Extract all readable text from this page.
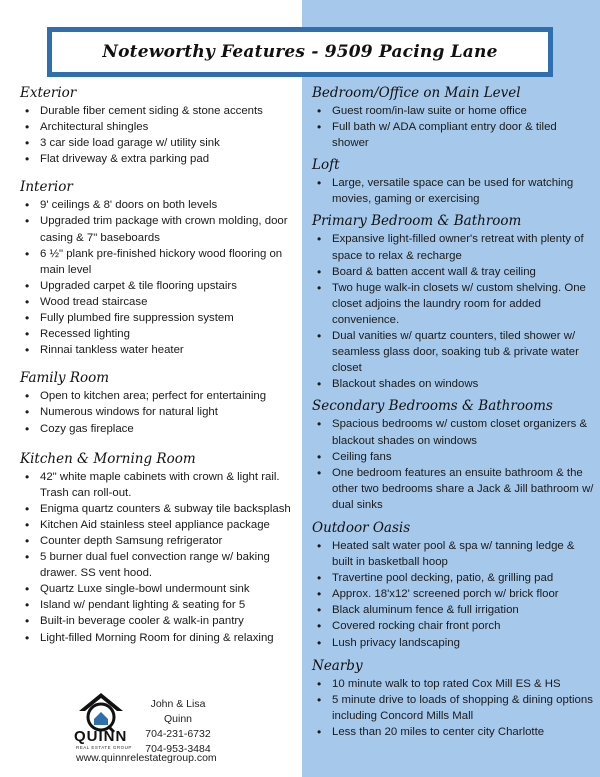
Noteworthy Features - 9509 Pacing Lane
Exterior
• Durable fiber cement siding & stone accents
• Architectural shingles
• 3 car side load garage w/ utility sink
• Flat driveway & extra parking pad
Interior
• 9' ceilings & 8' doors on both levels
• Upgraded trim package with crown molding, door casing & 7" baseboards
• 6 ½" plank pre-finished hickory wood flooring on main level
• Upgraded carpet & tile flooring upstairs
• Wood tread staircase
• Fully plumbed fire suppression system
• Recessed lighting
• Rinnai tankless water heater
Family Room
• Open to kitchen area; perfect for entertaining
• Numerous windows for natural light
• Cozy gas fireplace
Kitchen & Morning Room
• 42" white maple cabinets with crown & light rail. Trash can roll-out.
• Enigma quartz counters & subway tile backsplash
• Kitchen Aid stainless steel appliance package
• Counter depth Samsung refrigerator
• 5 burner dual fuel convection range w/ baking drawer. SS vent hood.
• Quartz Luxe single-bowl undermount sink
• Island w/ pendant lighting & seating for 5
• Built-in beverage cooler & walk-in pantry
• Light-filled Morning Room for dining & relaxing
Bedroom/Office on Main Level
• Guest room/in-law suite or home office
• Full bath w/ ADA compliant entry door & tiled shower
Loft
• Large, versatile space can be used for watching movies, gaming or exercising
Primary Bedroom & Bathroom
• Expansive light-filled owner's retreat with plenty of space to relax & recharge
• Board & batten accent wall & tray ceiling
• Two huge walk-in closets w/ custom shelving. One closet adjoins the laundry room for added convenience.
• Dual vanities w/ quartz counters, tiled shower w/ seamless glass door, soaking tub & private water closet
• Blackout shades on windows
Secondary Bedrooms & Bathrooms
• Spacious bedrooms w/ custom closet organizers & blackout shades on windows
• Ceiling fans
• One bedroom features an ensuite bathroom & the other two bedrooms share a Jack & Jill bathroom w/ dual sinks
Outdoor Oasis
• Heated salt water pool & spa w/ tanning ledge & built in basketball hoop
• Travertine pool decking, patio, & grilling pad
• Approx. 18'x12' screened porch w/ brick floor
• Black aluminum fence & full irrigation
• Covered rocking chair front porch
• Lush privacy landscaping
Nearby
• 10 minute walk to top rated Cox Mill ES & HS
• 5 minute drive to loads of shopping & dining options including Concord Mills Mall
• Less than 20 miles to center city Charlotte
QUINN
REAL ESTATE GROUP
John & Lisa Quinn
704-231-6732
704-953-3484
www.quinnrelestategroup.com
